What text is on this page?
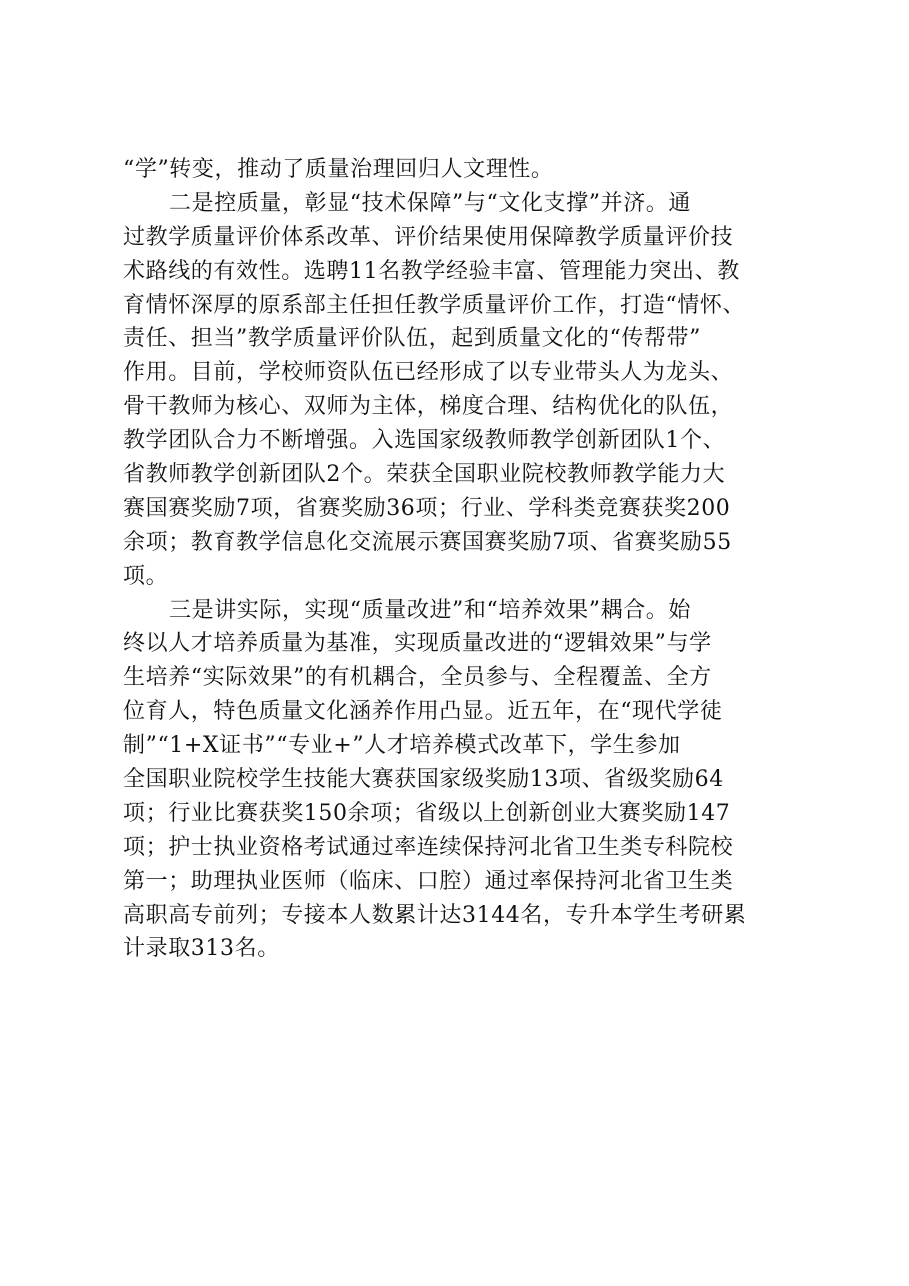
“学”转变，推动了质量治理回归人文理性。
二是控质量，彰显“技术保障”与“文化支撑”并济。通
过教学质量评价体系改革、评价结果使用保障教学质量评价技
术路线的有效性。选聘11名教学经验丰富、管理能力突出、教
育情怀深厚的原系部主任担任教学质量评价工作，打造“情怀、
责任、担当”教学质量评价队伍，起到质量文化的“传帮带”
作用。目前，学校师资队伍已经形成了以专业带头人为龙头、
骨干教师为核心、双师为主体，梯度合理、结构优化的队伍，
教学团队合力不断增强。入选国家级教师教学创新团队1个、
省教师教学创新团队2个。荣获全国职业院校教师教学能力大
赛国赛奖励7项，省赛奖励36项；行业、学科类竞赛获奖200
余项；教育教学信息化交流展示赛国赛奖励7项、省赛奖励55
项。
三是讲实际，实现“质量改进”和“培养效果”耦合。始
终以人才培养质量为基准，实现质量改进的“逻辑效果”与学
生培养“实际效果”的有机耦合，全员参与、全程覆盖、全方
位育人，特色质量文化涵养作用凸显。近五年，在“现代学徒
制”“1+X证书”“专业+”人才培养模式改革下，学生参加
全国职业院校学生技能大赛获国家级奖励13项、省级奖励64
项；行业比赛获奖150余项；省级以上创新创业大赛奖励147
项；护士执业资格考试通过率连续保持河北省卫生类专科院校
第一；助理执业医师（临床、口腔）通过率保持河北省卫生类
高职高专前列；专接本人数累计达3144名，专升本学生考研累
计录取313名。
